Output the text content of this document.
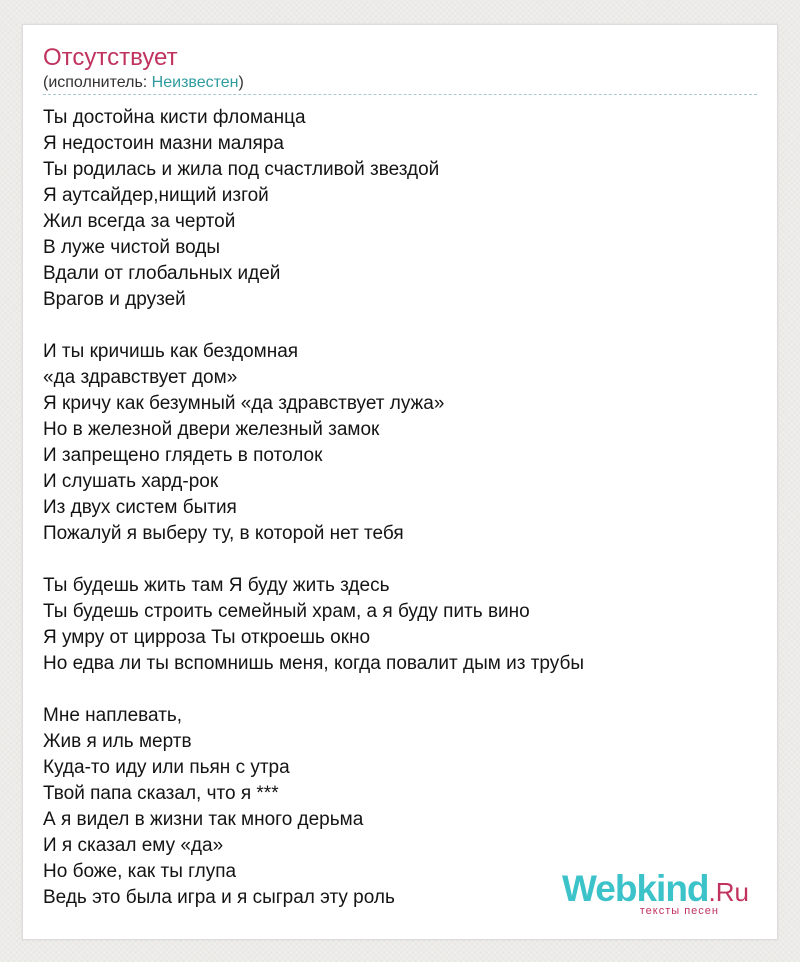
Отсутствует
(исполнитель: Неизвестен)
Ты достойна кисти фломанца
Я недостоин мазни маляра
Ты родилась и жила под счастливой звездой
Я аутсайдер,нищий изгой
Жил всегда за чертой
В луже чистой воды
Вдали от глобальных идей
Врагов и друзей
И ты кричишь как бездомная
«да здравствует дом»
Я кричу как безумный «да здравствует лужа»
Но в железной двери железный замок
И запрещено глядеть в потолок
И слушать хард-рок
Из двух систем бытия
Пожалуй я выберу ту, в которой нет тебя
Ты будешь жить там Я буду жить здесь
Ты будешь строить семейный храм, а я буду пить вино
Я умру от цирроза Ты откроешь окно
Но едва ли ты вспомнишь меня, когда повалит дым из трубы
Мне наплевать,
Жив я иль мертв
Куда-то иду или пьян с утра
Твой папа сказал, что я ***
А я видел в жизни так много дерьма
И я сказал ему «да»
Но боже, как ты глупа
Ведь это была игра и я сыграл эту роль	Webkind.Ru
тексты песен
